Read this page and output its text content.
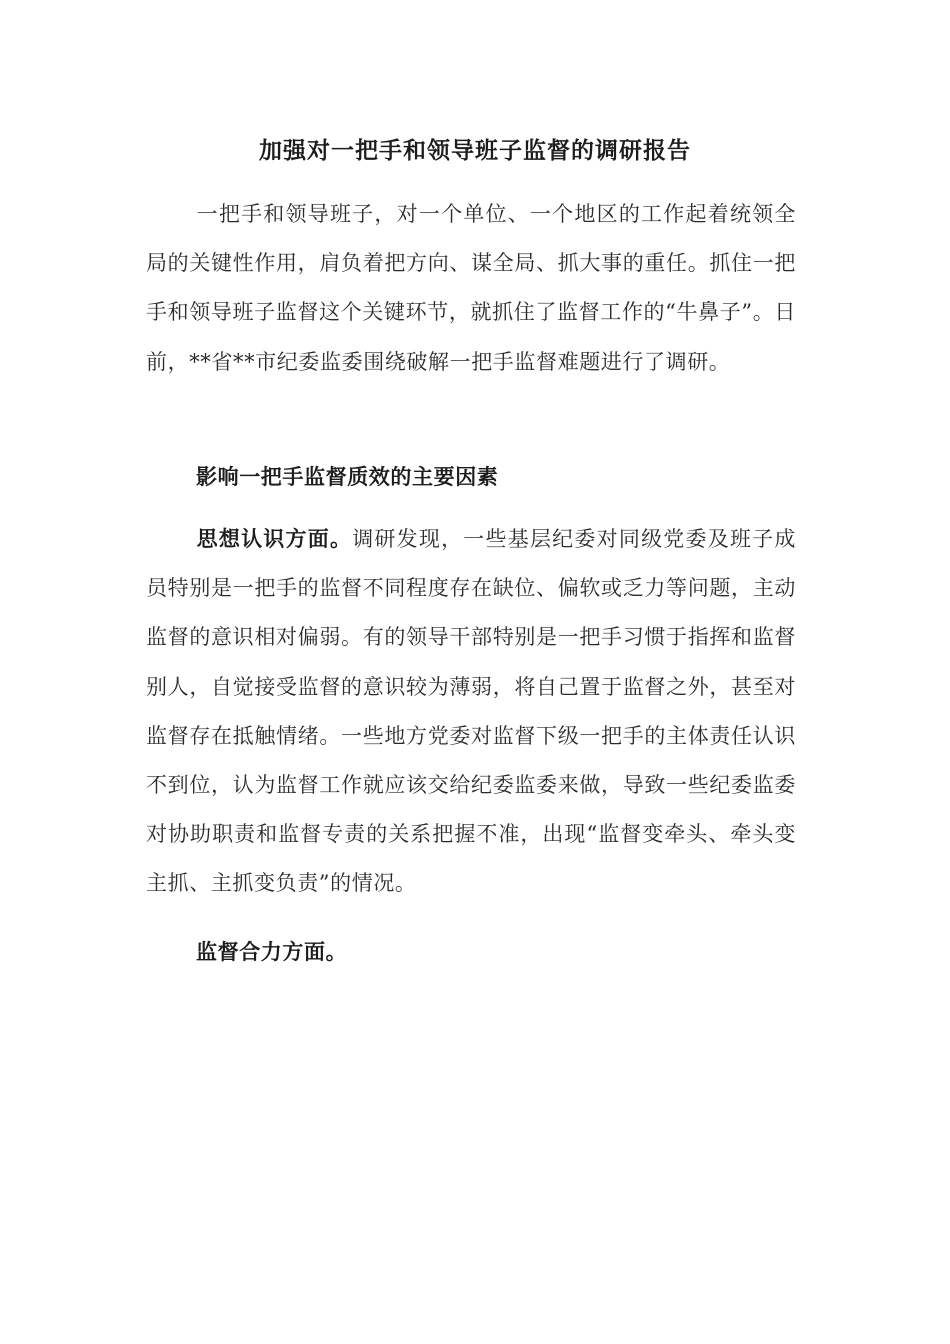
加强对一把手和领导班子监督的调研报告

一把手和领导班子，对一个单位、一个地区的工作起着统领全局的关键性作用，肩负着把方向、谋全局、抓大事的重任。抓住一把手和领导班子监督这个关键环节，就抓住了监督工作的“牛鼻子”。日前，**省**市纪委监委围绕破解一把手监督难题进行了调研。

影响一把手监督质效的主要因素

思想认识方面。调研发现，一些基层纪委对同级党委及班子成员特别是一把手的监督不同程度存在缺位、偏软或乏力等问题，主动监督的意识相对偏弱。有的领导干部特别是一把手习惯于指挥和监督别人，自觉接受监督的意识较为薄弱，将自己置于监督之外，甚至对监督存在抵触情绪。一些地方党委对监督下级一把手的主体责任认识不到位，认为监督工作就应该交给纪委监委来做，导致一些纪委监委对协助职责和监督专责的关系把握不准，出现“监督变牵头、牵头变主抓、主抓变负责”的情况。

监督合力方面。
